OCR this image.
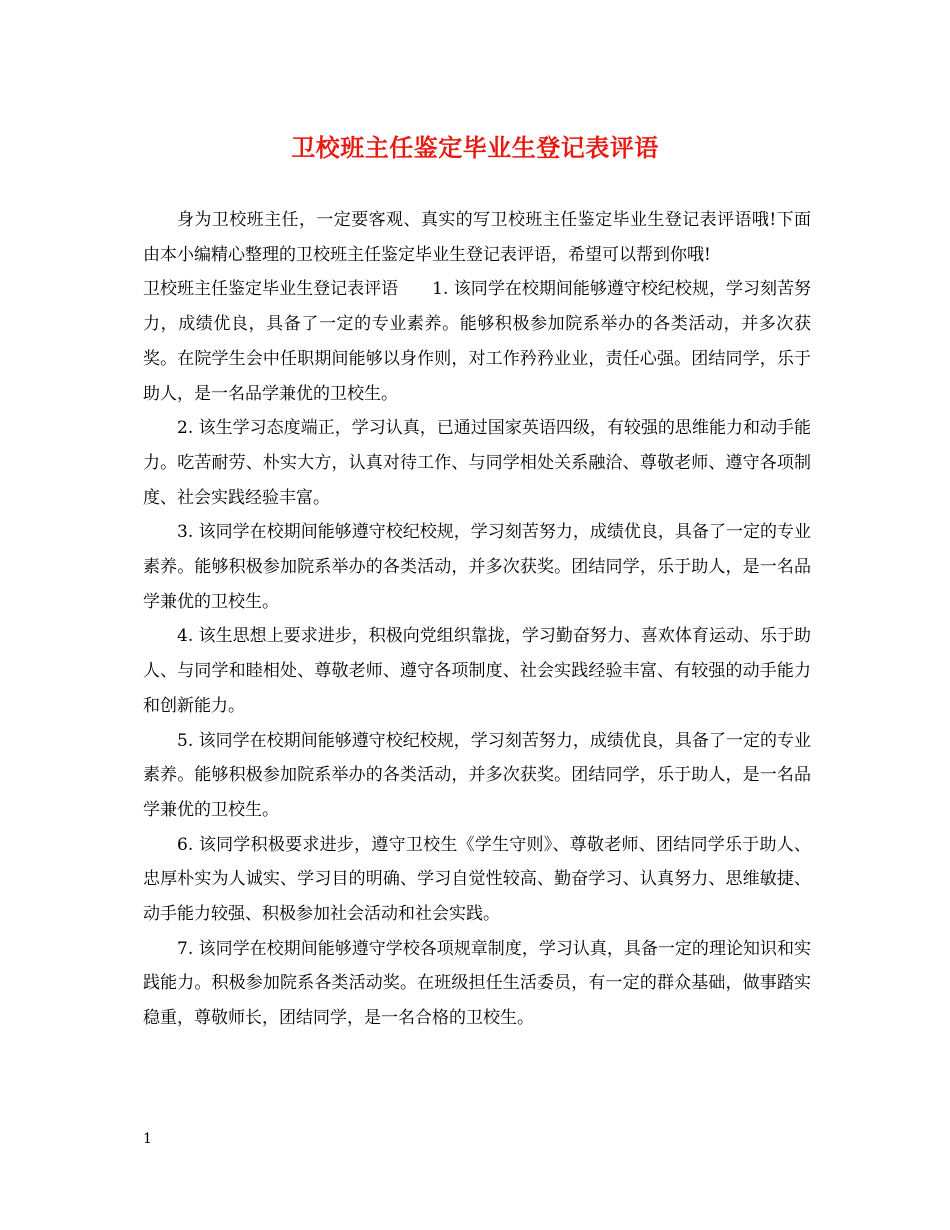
卫校班主任鉴定毕业生登记表评语

身为卫校班主任，一定要客观、真实的写卫校班主任鉴定毕业生登记表评语哦!下面由本小编精心整理的卫校班主任鉴定毕业生登记表评语，希望可以帮到你哦!

卫校班主任鉴定毕业生登记表评语　　1. 该同学在校期间能够遵守校纪校规，学习刻苦努力，成绩优良，具备了一定的专业素养。能够积极参加院系举办的各类活动，并多次获奖。在院学生会中任职期间能够以身作则，对工作矜矜业业，责任心强。团结同学，乐于助人，是一名品学兼优的卫校生。

2. 该生学习态度端正，学习认真，已通过国家英语四级，有较强的思维能力和动手能力。吃苦耐劳、朴实大方，认真对待工作、与同学相处关系融洽、尊敬老师、遵守各项制度、社会实践经验丰富。

3. 该同学在校期间能够遵守校纪校规，学习刻苦努力，成绩优良，具备了一定的专业素养。能够积极参加院系举办的各类活动，并多次获奖。团结同学，乐于助人，是一名品学兼优的卫校生。

4. 该生思想上要求进步，积极向党组织靠拢，学习勤奋努力、喜欢体育运动、乐于助人、与同学和睦相处、尊敬老师、遵守各项制度、社会实践经验丰富、有较强的动手能力和创新能力。

5. 该同学在校期间能够遵守校纪校规，学习刻苦努力，成绩优良，具备了一定的专业素养。能够积极参加院系举办的各类活动，并多次获奖。团结同学，乐于助人，是一名品学兼优的卫校生。

6. 该同学积极要求进步，遵守卫校生《学生守则》、尊敬老师、团结同学乐于助人、忠厚朴实为人诚实、学习目的明确、学习自觉性较高、勤奋学习、认真努力、思维敏捷、动手能力较强、积极参加社会活动和社会实践。

7. 该同学在校期间能够遵守学校各项规章制度，学习认真，具备一定的理论知识和实践能力。积极参加院系各类活动奖。在班级担任生活委员，有一定的群众基础，做事踏实稳重，尊敬师长，团结同学，是一名合格的卫校生。

1
